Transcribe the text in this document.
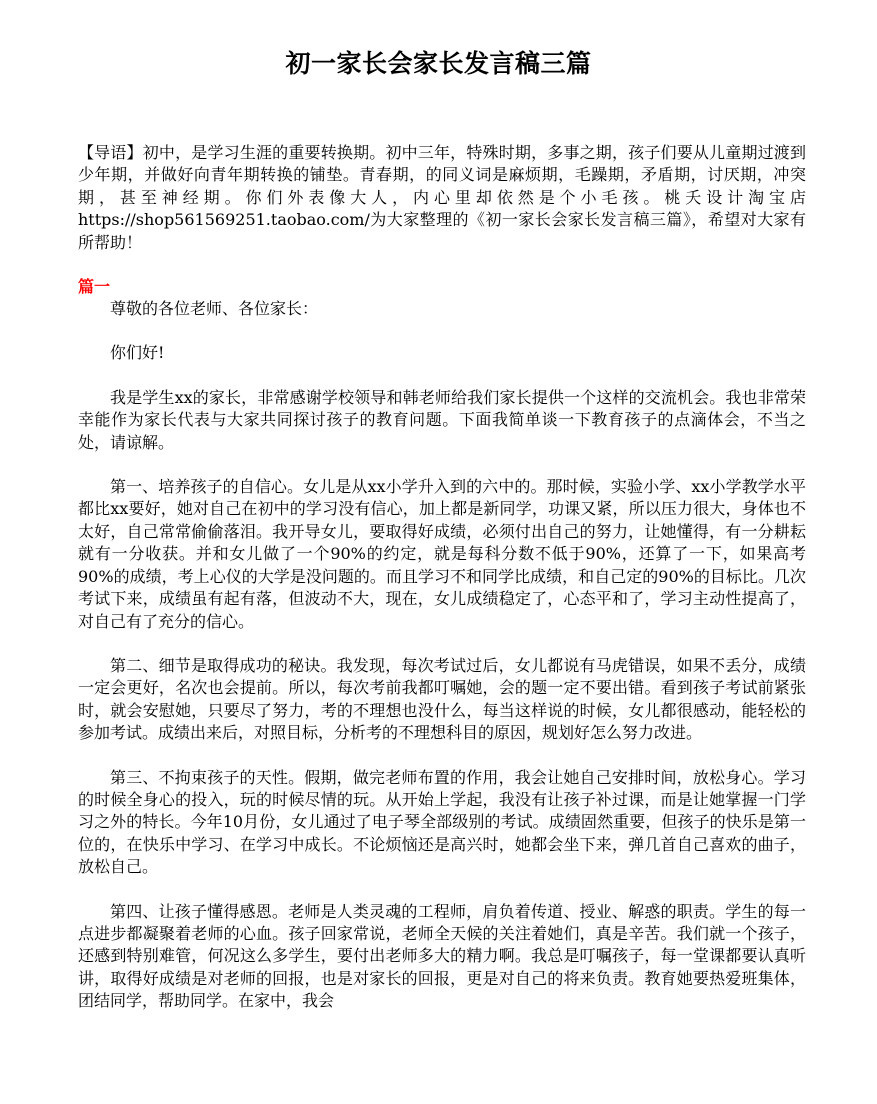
初一家长会家长发言稿三篇

【导语】初中，是学习生涯的重要转换期。初中三年，特殊时期，多事之期，孩子们要从儿童期过渡到少年期，并做好向青年期转换的铺垫。青春期，的同义词是麻烦期，毛躁期，矛盾期，讨厌期，冲突期，甚至神经期。你们外表像大人，内心里却依然是个小毛孩。桃夭设计淘宝店 https://shop561569251.taobao.com/为大家整理的《初一家长会家长发言稿三篇》，希望对大家有所帮助！

篇一

尊敬的各位老师、各位家长：

你们好!

我是学生xx的家长，非常感谢学校领导和韩老师给我们家长提供一个这样的交流机会。我也非常荣幸能作为家长代表与大家共同探讨孩子的教育问题。下面我简单谈一下教育孩子的点滴体会，不当之处，请谅解。

第一、培养孩子的自信心。女儿是从xx小学升入到的六中的。那时候，实验小学、xx小学教学水平都比xx要好，她对自己在初中的学习没有信心，加上都是新同学，功课又紧，所以压力很大，身体也不太好，自己常常偷偷落泪。我开导女儿，要取得好成绩，必须付出自己的努力，让她懂得，有一分耕耘就有一分收获。并和女儿做了一个90%的约定，就是每科分数不低于90%，还算了一下，如果高考90%的成绩，考上心仪的大学是没问题的。而且学习不和同学比成绩，和自己定的90%的目标比。几次考试下来，成绩虽有起有落，但波动不大，现在，女儿成绩稳定了，心态平和了，学习主动性提高了，对自己有了充分的信心。

第二、细节是取得成功的秘诀。我发现，每次考试过后，女儿都说有马虎错误，如果不丢分，成绩一定会更好，名次也会提前。所以，每次考前我都叮嘱她，会的题一定不要出错。看到孩子考试前紧张时，就会安慰她，只要尽了努力，考的不理想也没什么，每当这样说的时候，女儿都很感动，能轻松的参加考试。成绩出来后，对照目标，分析考的不理想科目的原因，规划好怎么努力改进。

第三、不拘束孩子的天性。假期，做完老师布置的作用，我会让她自己安排时间，放松身心。学习的时候全身心的投入，玩的时候尽情的玩。从开始上学起，我没有让孩子补过课，而是让她掌握一门学习之外的特长。今年10月份，女儿通过了电子琴全部级别的考试。成绩固然重要，但孩子的快乐是第一位的，在快乐中学习、在学习中成长。不论烦恼还是高兴时，她都会坐下来，弹几首自己喜欢的曲子，放松自己。

第四、让孩子懂得感恩。老师是人类灵魂的工程师，肩负着传道、授业、解惑的职责。学生的每一点进步都凝聚着老师的心血。孩子回家常说，老师全天候的关注着她们，真是辛苦。我们就一个孩子，还感到特别难管，何况这么多学生，要付出老师多大的精力啊。我总是叮嘱孩子，每一堂课都要认真听讲，取得好成绩是对老师的回报，也是对家长的回报，更是对自己的将来负责。教育她要热爱班集体，团结同学，帮助同学。在家中，我会
